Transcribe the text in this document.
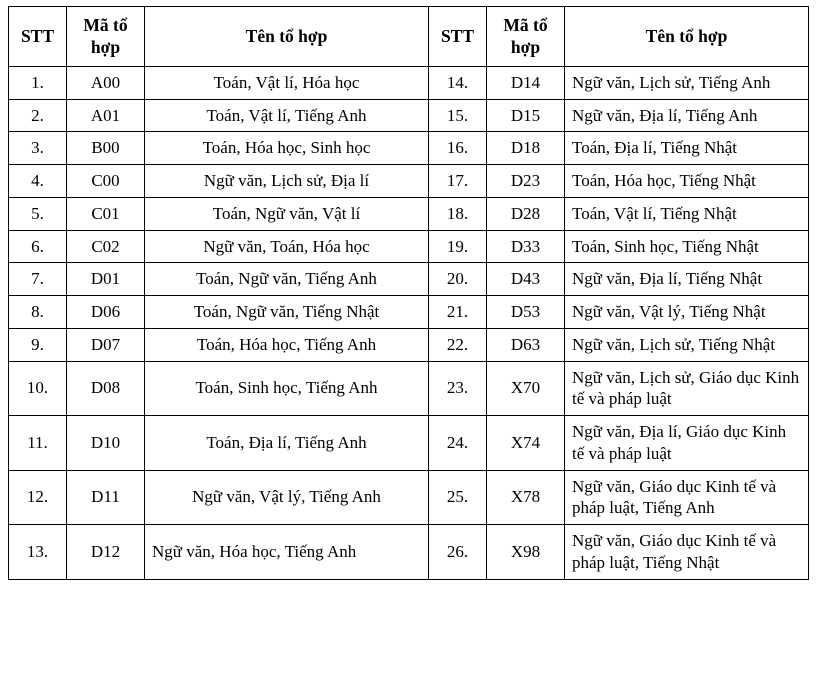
STT	Mã tổ hợp	Tên tổ hợp	STT	Mã tổ hợp	Tên tổ hợp
1.	A00	Toán, Vật lí, Hóa học	14.	D14	Ngữ văn, Lịch sử, Tiếng Anh
2.	A01	Toán, Vật lí, Tiếng Anh	15.	D15	Ngữ văn, Địa lí, Tiếng Anh
3.	B00	Toán, Hóa học, Sinh học	16.	D18	Toán, Địa lí, Tiếng Nhật
4.	C00	Ngữ văn, Lịch sử, Địa lí	17.	D23	Toán, Hóa học, Tiếng Nhật
5.	C01	Toán, Ngữ văn, Vật lí	18.	D28	Toán, Vật lí, Tiếng Nhật
6.	C02	Ngữ văn, Toán, Hóa học	19.	D33	Toán, Sinh học, Tiếng Nhật
7.	D01	Toán, Ngữ văn, Tiếng Anh	20.	D43	Ngữ văn, Địa lí, Tiếng Nhật
8.	D06	Toán, Ngữ văn, Tiếng Nhật	21.	D53	Ngữ văn, Vật lý, Tiếng Nhật
9.	D07	Toán, Hóa học, Tiếng Anh	22.	D63	Ngữ văn, Lịch sử, Tiếng Nhật
10.	D08	Toán, Sinh học, Tiếng Anh	23.	X70	Ngữ văn, Lịch sử, Giáo dục Kinh tế và pháp luật
11.	D10	Toán, Địa lí, Tiếng Anh	24.	X74	Ngữ văn, Địa lí, Giáo dục Kinh tế và pháp luật
12.	D11	Ngữ văn, Vật lý, Tiếng Anh	25.	X78	Ngữ văn, Giáo dục Kinh tế và pháp luật, Tiếng Anh
13.	D12	Ngữ văn, Hóa học, Tiếng Anh	26.	X98	Ngữ văn, Giáo dục Kinh tế và pháp luật, Tiếng Nhật
